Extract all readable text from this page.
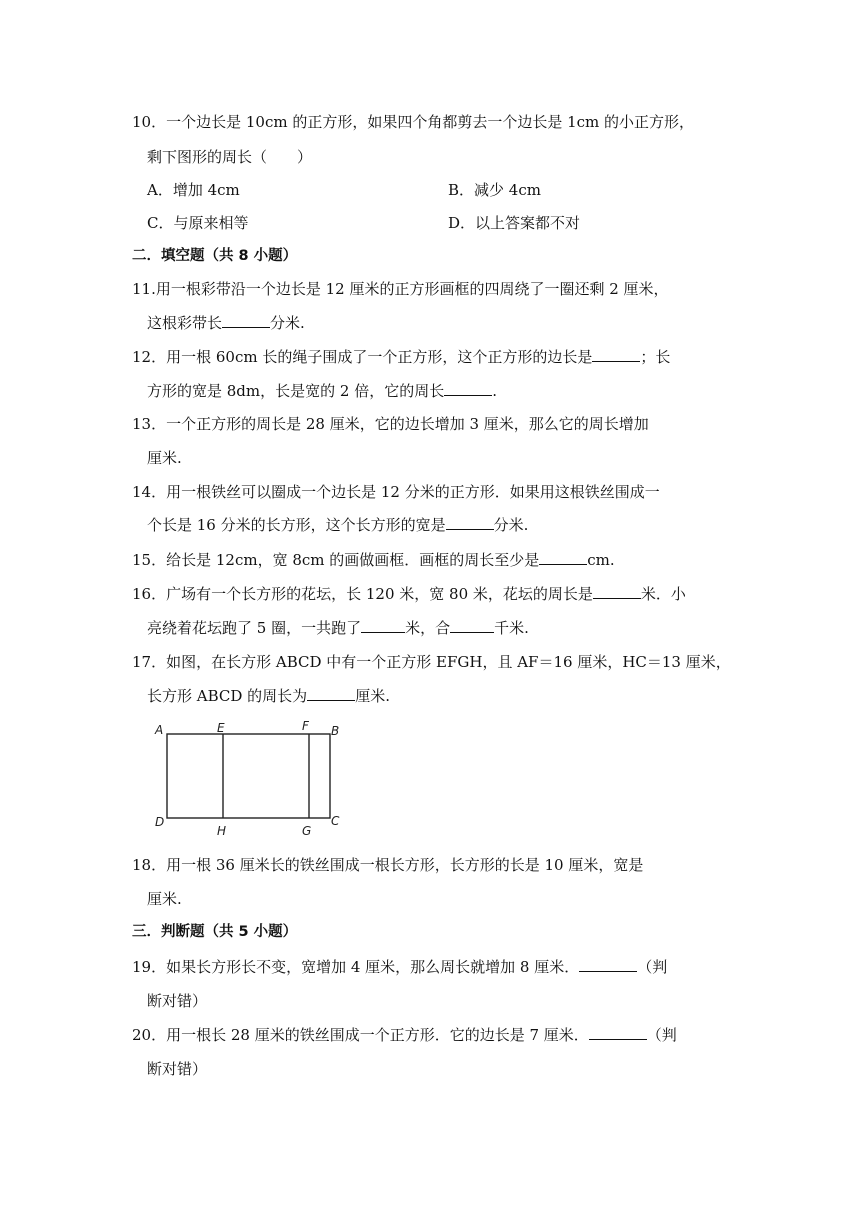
10．一个边长是 10cm 的正方形，如果四个角都剪去一个边长是 1cm 的小正方形，
剩下图形的周长（　　）
A．增加 4cm	B．减少 4cm
C．与原来相等	D．以上答案都不对
二．填空题（共 8 小题）
11.用一根彩带沿一个边长是 12 厘米的正方形画框的四周绕了一圈还剩 2 厘米，
这根彩带长	分米.
12．用一根 60cm 长的绳子围成了一个正方形，这个正方形的边长是	；长
方形的宽是 8dm，长是宽的 2 倍，它的周长	.
13．一个正方形的周长是 28 厘米，它的边长增加 3 厘米，那么它的周长增加
厘米.
14．用一根铁丝可以圈成一个边长是 12 分米的正方形．如果用这根铁丝围成一
个长是 16 分米的长方形，这个长方形的宽是	分米.
15．给长是 12cm，宽 8cm 的画做画框．画框的周长至少是	cm.
16．广场有一个长方形的花坛，长 120 米，宽 80 米，花坛的周长是	米．小
亮绕着花坛跑了 5 圈，一共跑了	米，合	千米.
17．如图，在长方形 ABCD 中有一个正方形 EFGH，且 AF＝16 厘米，HC＝13 厘米，
长方形 ABCD 的周长为	厘米.
A	E	F B
D
H	G
C
18．用一根 36 厘米长的铁丝围成一根长方形，长方形的长是 10 厘米，宽是
厘米.
三．判断题（共 5 小题）
19．如果长方形长不变，宽增加 4 厘米，那么周长就增加 8 厘米．	（判
断对错）
20．用一根长 28 厘米的铁丝围成一个正方形．它的边长是 7 厘米．	（判
断对错）
